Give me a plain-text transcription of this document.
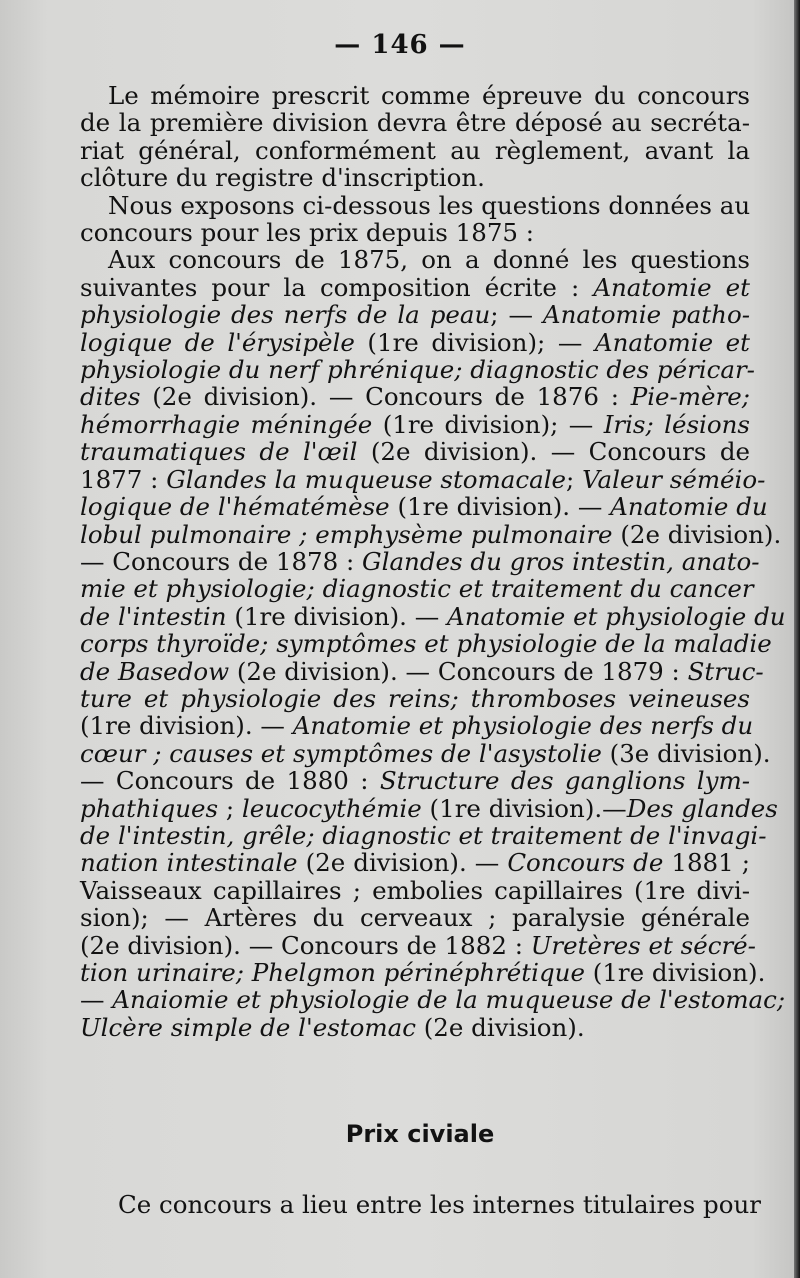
— 146 —
Le mémoire prescrit comme épreuve du concours
de la première division devra être déposé au secréta-
riat général, conformément au règlement, avant la
clôture du registre d'inscription.
Nous exposons ci-dessous les questions données au
concours pour les prix depuis 1875 :
Aux concours de 1875, on a donné les questions
suivantes pour la composition écrite : Anatomie et
physiologie des nerfs de la peau; — Anatomie patho-
logique de l'érysipèle (1re division); — Anatomie et
physiologie du nerf phrénique; diagnostic des péricar-
dites (2e division). — Concours de 1876 : Pie-mère;
hémorrhagie méningée (1re division); — Iris; lésions
traumatiques de l'œil (2e division). — Concours de
1877 : Glandes la muqueuse stomacale; Valeur séméio-
logique de l'hématémèse (1re division). — Anatomie du
lobul pulmonaire ; emphysème pulmonaire (2e division).
— Concours de 1878 : Glandes du gros intestin, anato-
mie et physiologie; diagnostic et traitement du cancer
de l'intestin (1re division). — Anatomie et physiologie du
corps thyroïde; symptômes et physiologie de la maladie
de Basedow (2e division). — Concours de 1879 : Struc-
ture et physiologie des reins; thromboses veineuses
(1re division). — Anatomie et physiologie des nerfs du
cœur ; causes et symptômes de l'asystolie (3e division).
— Concours de 1880 : Structure des ganglions lym-
phathiques ; leucocythémie (1re division).—Des glandes
de l'intestin, grêle; diagnostic et traitement de l'invagi-
nation intestinale (2e division). — Concours de 1881 ;
Vaisseaux capillaires ; embolies capillaires (1re divi-
sion); — Artères du cerveaux ; paralysie générale
(2e division). — Concours de 1882 : Uretères et sécré-
tion urinaire; Phelgmon périnéphrétique (1re division).
— Anaiomie et physiologie de la muqueuse de l'estomac;
Ulcère simple de l'estomac (2e division).
Prix civiale
Ce concours a lieu entre les internes titulaires pour
